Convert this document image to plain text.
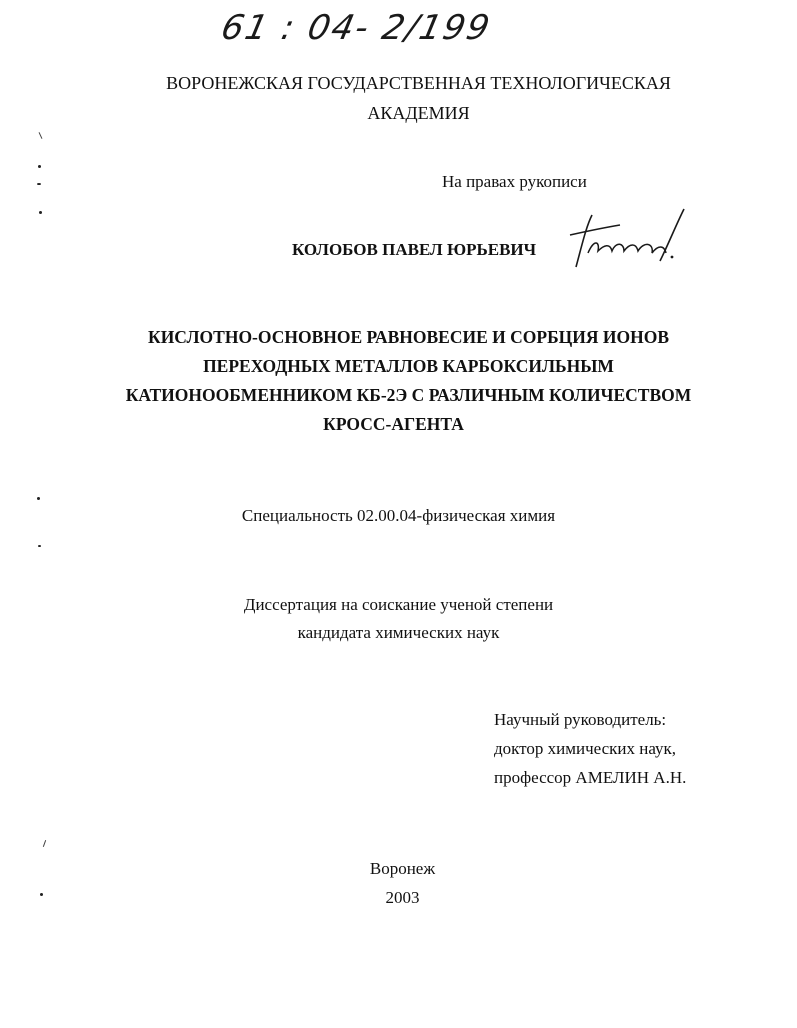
61 : 04- 2/199
ВОРОНЕЖСКАЯ ГОСУДАРСТВЕННАЯ ТЕХНОЛОГИЧЕСКАЯ
АКАДЕМИЯ
На правах рукописи
КОЛОБОВ ПАВЕЛ ЮРЬЕВИЧ
КИСЛОТНО-ОСНОВНОЕ РАВНОВЕСИЕ И СОРБЦИЯ ИОНОВ
ПЕРЕХОДНЫХ МЕТАЛЛОВ КАРБОКСИЛЬНЫМ
КАТИОНООБМЕННИКОМ КБ-2Э С РАЗЛИЧНЫМ КОЛИЧЕСТВОМ
КРОСС-АГЕНТА
Специальность 02.00.04-физическая химия
Диссертация на соискание ученой степени
кандидата химических наук
Научный руководитель:
доктор химических наук,
профессор АМЕЛИН А.Н.
Воронеж
2003
